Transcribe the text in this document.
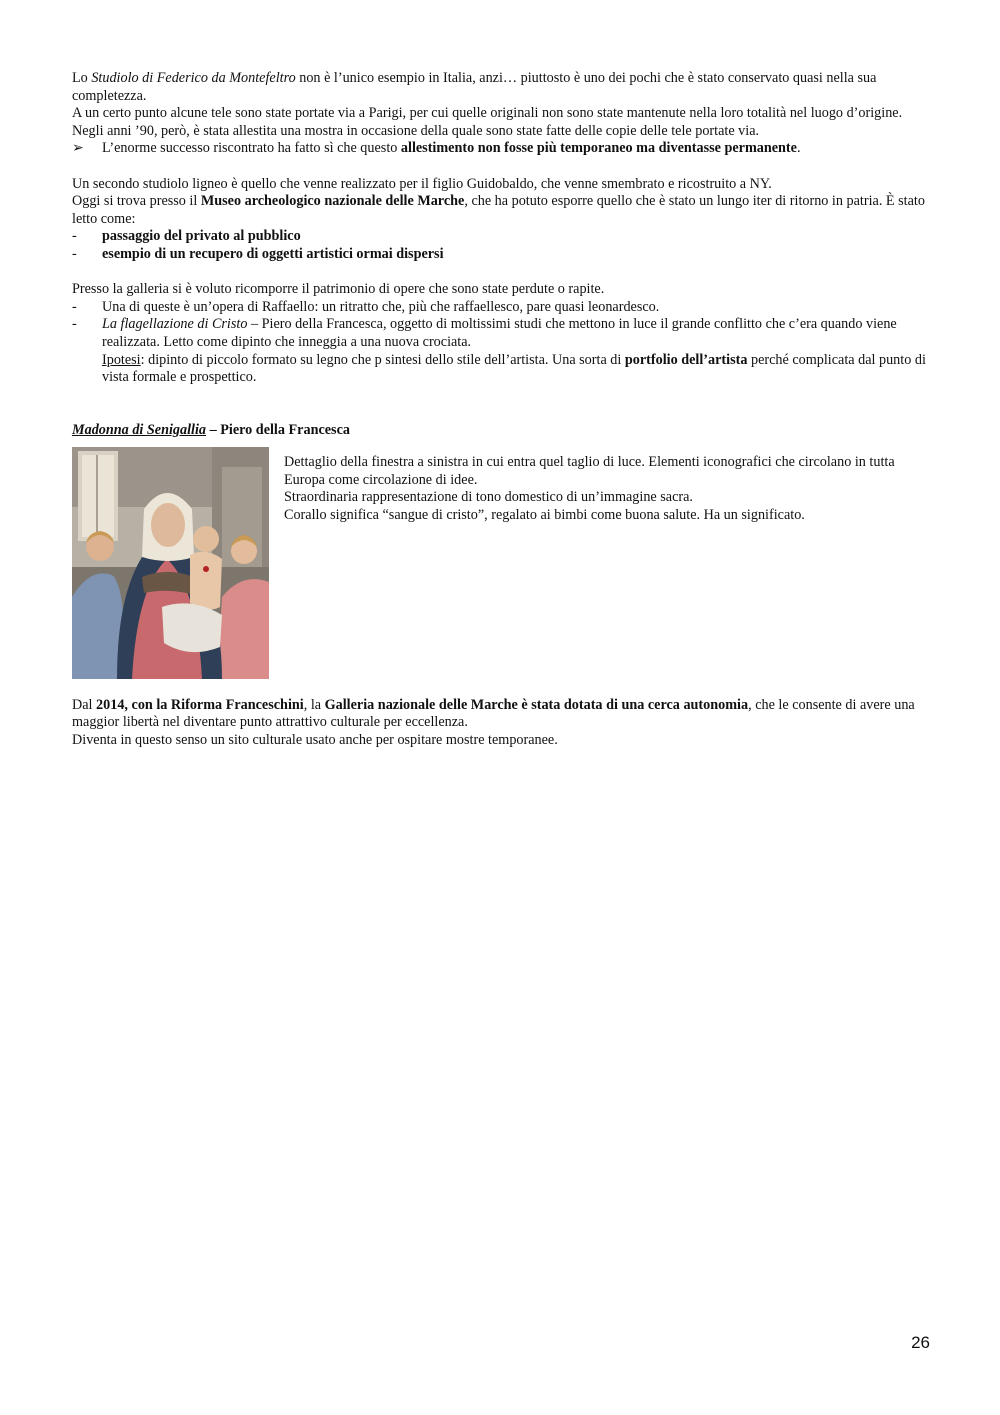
Lo Studiolo di Federico da Montefeltro non è l’unico esempio in Italia, anzi… piuttosto è uno dei pochi che è stato conservato quasi nella sua completezza.

A un certo punto alcune tele sono state portate via a Parigi, per cui quelle originali non sono state mantenute nella loro totalità nel luogo d’origine. Negli anni ’90, però, è stata allestita una mostra in occasione della quale sono state fatte delle copie delle tele portate via.

➢	L’enorme successo riscontrato ha fatto sì che questo allestimento non fosse più temporaneo ma diventasse permanente.

Un secondo studiolo ligneo è quello che venne realizzato per il figlio Guidobaldo, che venne smembrato e ricostruito a NY.

Oggi si trova presso il Museo archeologico nazionale delle Marche, che ha potuto esporre quello che è stato un lungo iter di ritorno in patria. È stato letto come:

-	passaggio del privato al pubblico
-	esempio di un recupero di oggetti artistici ormai dispersi

Presso la galleria si è voluto ricomporre il patrimonio di opere che sono state perdute o rapite.

-	Una di queste è un’opera di Raffaello: un ritratto che, più che raffaellesco, pare quasi leonardesco.
-	La flagellazione di Cristo – Piero della Francesca, oggetto di moltissimi studi che mettono in luce il grande conflitto che c’era quando viene realizzata. Letto come dipinto che inneggia a una nuova crociata.
Ipotesi: dipinto di piccolo formato su legno che p sintesi dello stile dell’artista. Una sorta di portfolio dell’artista perché complicata dal punto di vista formale e prospettico.

Madonna di Senigallia – Piero della Francesca

Dettaglio della finestra a sinistra in cui entra quel taglio di luce. Elementi iconografici che circolano in tutta Europa come circolazione di idee.

Straordinaria rappresentazione di tono domestico di un’immagine sacra.

Corallo significa “sangue di cristo”, regalato ai bimbi come buona salute. Ha un significato.

Dal 2014, con la Riforma Franceschini, la Galleria nazionale delle Marche è stata dotata di una cerca autonomia, che le consente di avere una maggior libertà nel diventare punto attrattivo culturale per eccellenza.

Diventa in questo senso un sito culturale usato anche per ospitare mostre temporanee.

26
